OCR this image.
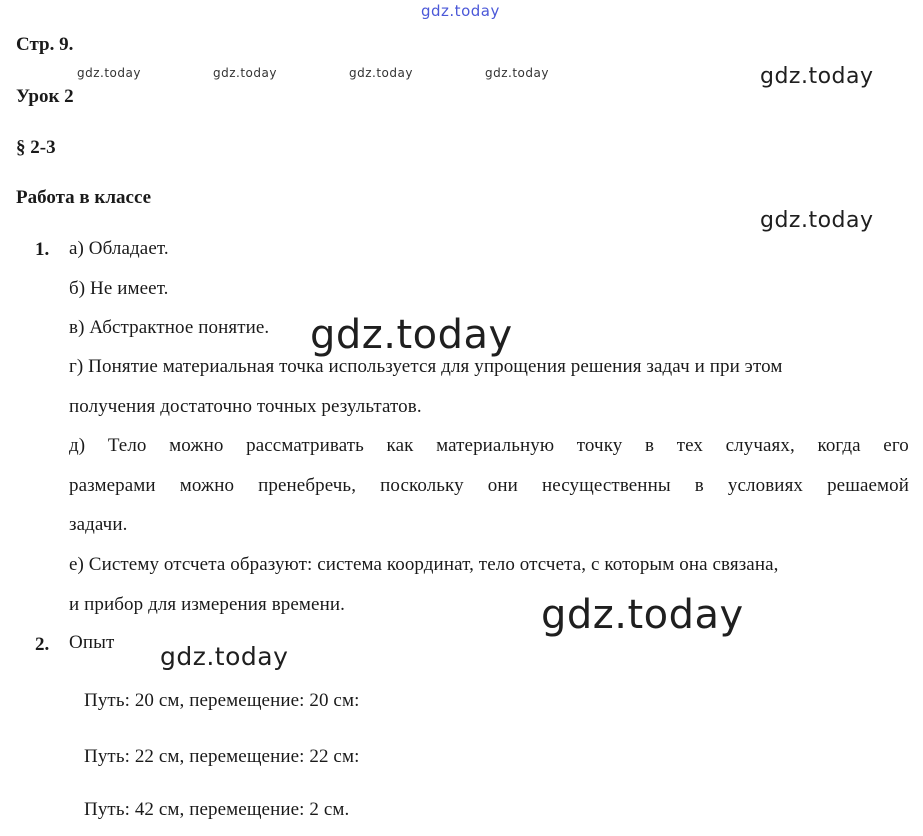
gdz.today
gdz.today	gdz.today	gdz.today	gdz.today	gdz.today
gdz.today
gdz.today
gdz.today
gdz.today
Стр. 9.
Урок 2
§ 2-3
Работа в классе
1. а) Обладает.
б) Не имеет.
в) Абстрактное понятие.
г) Понятие материальная точка используется для упрощения решения задач и при этом
получения достаточно точных результатов.
д) Тело можно рассматривать как материальную точку в тех случаях, когда его
размерами можно пренебречь, поскольку они несущественны в условиях решаемой
задачи.
е) Систему отсчета образуют: система координат, тело отсчета, с которым она связана,
и прибор для измерения времени.
2. Опыт
Путь: 20 см, перемещение: 20 см:
Путь: 22 см, перемещение: 22 см:
Путь: 42 см, перемещение: 2 см.
